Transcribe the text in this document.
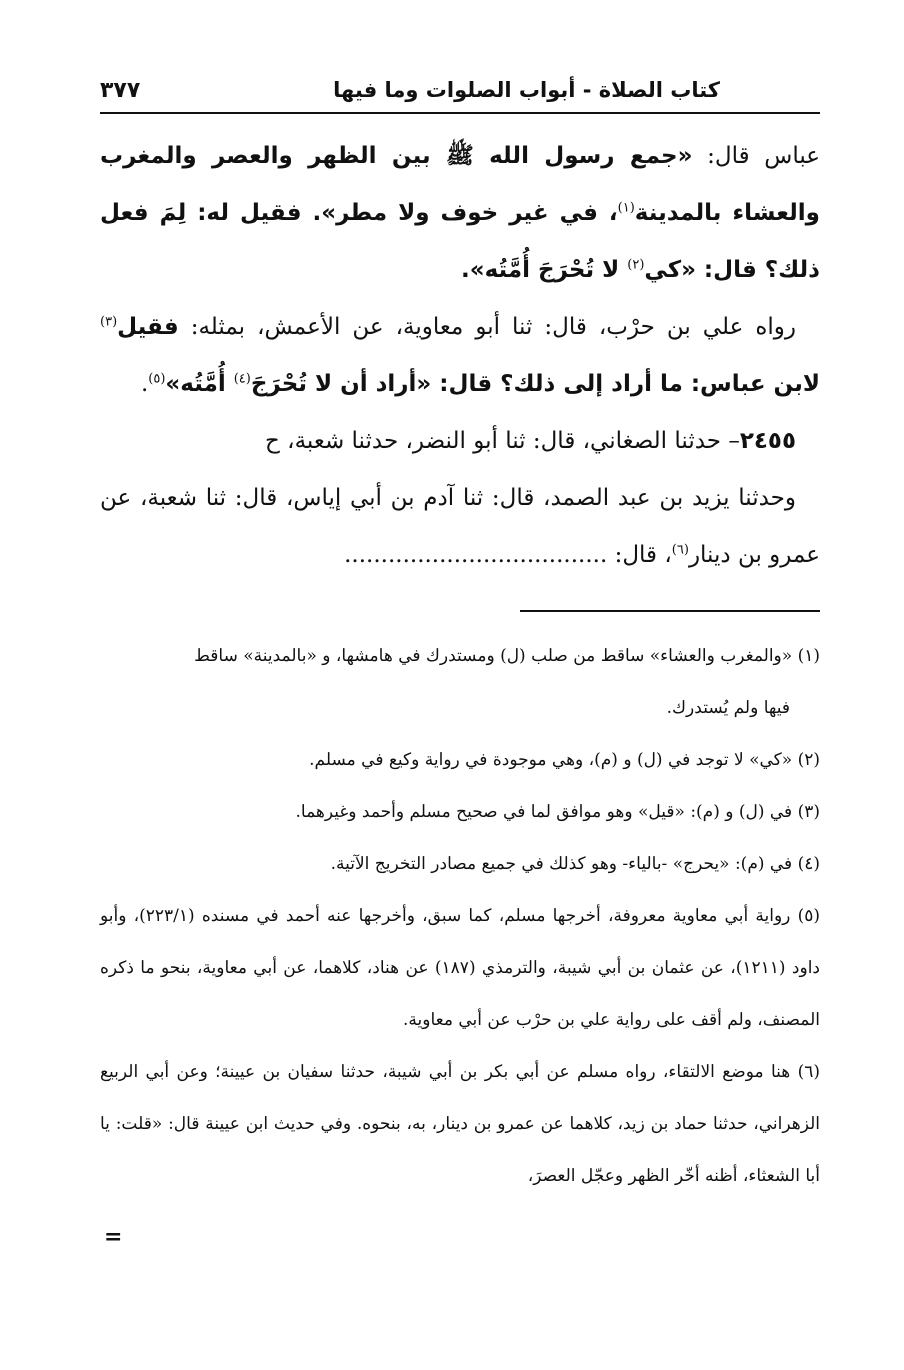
كتاب الصلاة - أبواب الصلوات وما فيها
٣٧٧

عباس قال: «جمع رسول الله ﷺ بين الظهر والعصر والمغرب والعشاء بالمدينة$^{(١)}$، في غير خوف ولا مطر». فقيل له: لِمَ فعل ذلك؟ قال: «كي$^{(٢)}$ لا تُحْرَجَ أُمَّتُه».

رواه علي بن حرْب، قال: ثنا أبو معاوية، عن الأعمش، بمثله: فقيل$^{(٣)}$ لابن عباس: ما أراد إلى ذلك؟ قال: «أراد أن لا تُحْرَجَ$^{(٤)}$ أُمَّتُه»$^{(٥)}$.

٢٤٥٥– حدثنا الصغاني، قال: ثنا أبو النضر، حدثنا شعبة، ح

وحدثنا يزيد بن عبد الصمد، قال: ثنا آدم بن أبي إياس، قال: ثنا شعبة، عن عمرو بن دينار$^{(٦)}$، قال: ....................................

(١) «والمغرب والعشاء» ساقط من صلب (ل) ومستدرك في هامشها، و «بالمدينة» ساقط

فيها ولم يُستدرك.

(٢) «كي» لا توجد في (ل) و (م)، وهي موجودة في رواية وكيع في مسلم.

(٣) في (ل) و (م): «قيل» وهو موافق لما في صحيح مسلم وأحمد وغيرهما.

(٤) في (م): «يحرج» -بالياء- وهو كذلك في جميع مصادر التخريج الآتية.

(٥) رواية أبي معاوية معروفة، أخرجها مسلم، كما سبق، وأخرجها عنه أحمد في مسنده (٢٢٣/١)، وأبو داود (١٢١١)، عن عثمان بن أبي شيبة، والترمذي (١٨٧) عن هناد، كلاهما، عن أبي معاوية، بنحو ما ذكره المصنف، ولم أقف على رواية علي بن حرْب عن أبي معاوية.

(٦) هنا موضع الالتقاء، رواه مسلم عن أبي بكر بن أبي شيبة، حدثنا سفيان بن عيينة؛ وعن أبي الربيع الزهراني، حدثنا حماد بن زيد، كلاهما عن عمرو بن دينار، به، بنحوه. وفي حديث ابن عيينة قال: «قلت: يا أبا الشعثاء، أظنه أخّر الظهر وعجّل العصرَ،

=
